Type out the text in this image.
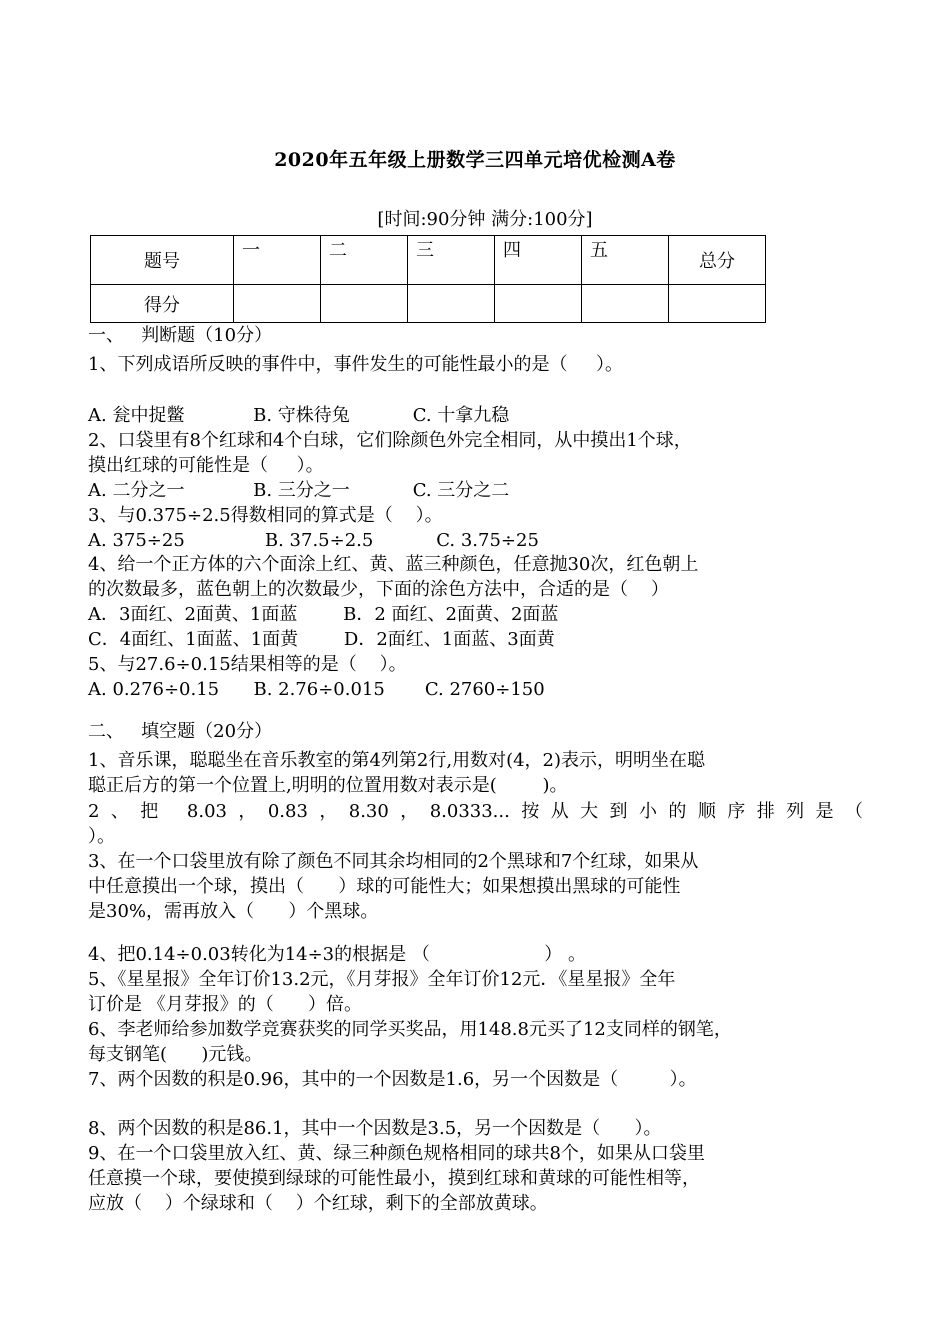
2020年五年级上册数学三四单元培优检测A卷
[时间:90分钟 满分:100分]
题号	一	二	三	四	五	总分
得分						
一、   判断题（10分）
1、下列成语所反映的事件中，事件发生的可能性最小的是（     ）。
A. 瓮中捉鳖            B. 守株待兔           C. 十拿九稳
2、口袋里有8个红球和4个白球，它们除颜色外完全相同，从中摸出1个球，
摸出红球的可能性是（     ）。
A. 二分之一            B. 三分之一           C. 三分之二
3、与0.375÷2.5得数相同的算式是（    ）。
A. 375÷25              B. 37.5÷2.5           C. 3.75÷25
4、给一个正方体的六个面涂上红、黄、蓝三种颜色，任意抛30次，红色朝上
的次数最多，蓝色朝上的次数最少，下面的涂色方法中，合适的是（    ）
A．3面红、2面黄、1面蓝        B．2 面红、2面黄、2面蓝
C．4面红、1面蓝、1面黄        D．2面红、1面蓝、3面黄
5、与27.6÷0.15结果相等的是（    ）。
A. 0.276÷0.15      B. 2.76÷0.015       C. 2760÷150
二、   填空题（20分）
1、音乐课，聪聪坐在音乐教室的第4列第2行,用数对(4，2)表示，明明坐在聪
聪正后方的第一个位置上,明明的位置用数对表示是(        )。
2、把 8.03，0.83，8.30，8.0333...按从大到小的顺序排列是（
）。
3、在一个口袋里放有除了颜色不同其余均相同的2个黑球和7个红球，如果从
中任意摸出一个球，摸出（      ）球的可能性大；如果想摸出黑球的可能性
是30%，需再放入（      ）个黑球。
4、把0.14÷0.03转化为14÷3的根据是 （                    ） 。
5、《星星报》全年订价13.2元，《月芽报》全年订价12元．《星星报》全年
订价是 《月芽报》的（      ）倍。
6、李老师给参加数学竞赛获奖的同学买奖品，用148.8元买了12支同样的钢笔，
每支钢笔(      )元钱。
7、两个因数的积是0.96，其中的一个因数是1.6，另一个因数是（         ）。
8、两个因数的积是86.1，其中一个因数是3.5，另一个因数是（      ）。
9、在一个口袋里放入红、黄、绿三种颜色规格相同的球共8个，如果从口袋里
任意摸一个球，要使摸到绿球的可能性最小，摸到红球和黄球的可能性相等，
应放（    ）个绿球和（    ）个红球，剩下的全部放黄球。
